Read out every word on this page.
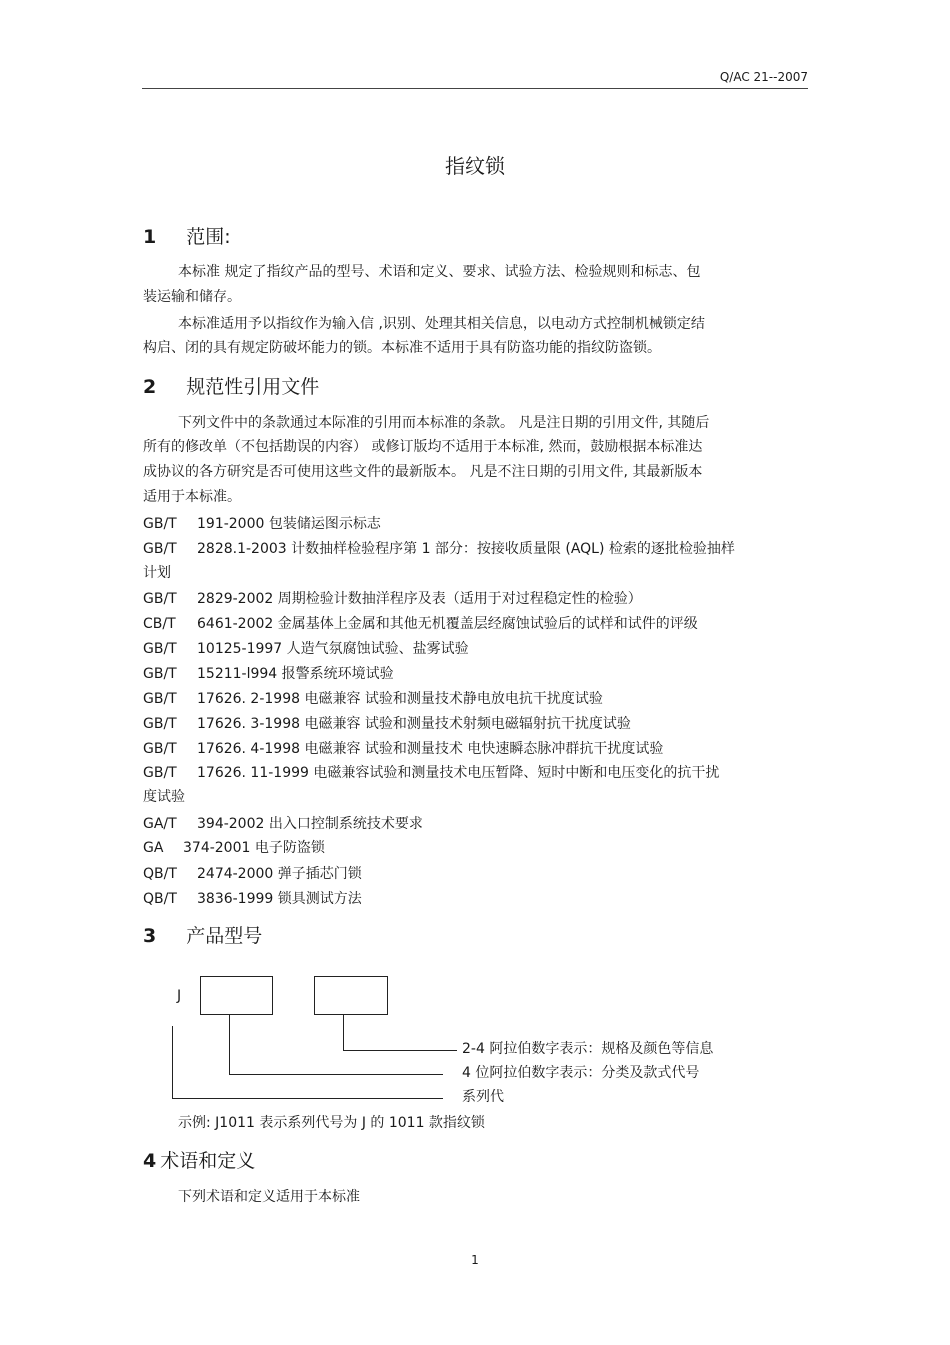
Q/AC 21--2007
指纹锁
1 范围:
本标准 规定了指纹产品的型号、术语和定义、要求、试验方法、检验规则和标志、包
装运输和储存。
本标准适用予以指纹作为输入信 ,识别、处理其相关信息，以电动方式控制机械锁定结
构启、闭的具有规定防破坏能力的锁。本标准不适用于具有防盗功能的指纹防盗锁。
2 规范性引用文件
下列文件中的条款通过本际准的引用而本标准的条款。 凡是注日期的引用文件, 其随后
所有的修改单（不包括勘误的内容） 或修订版均不适用于本标准, 然而，鼓励根据本标准达
成协议的各方研究是否可使用这些文件的最新版本。 凡是不注日期的引用文件, 其最新版本
适用于本标准。
GB/T 191-2000 包装储运图示标志
GB/T 2828.1-2003 计数抽样检验程序第 1 部分：按接收质量限 (AQL) 检索的逐批检验抽样
计划
GB/T 2829-2002 周期检验计数抽洋程序及表（适用于对过程稳定性的检验）
CB/T 6461-2002 金属基体上金属和其他无机覆盖层经腐蚀试验后的试样和试件的评级
GB/T 10125-1997 人造气氛腐蚀试验、盐雾试验
GB/T 15211-l994 报警系统环境试验
GB/T 17626. 2-1998 电磁兼容 试验和测量技术静电放电抗干扰度试验
GB/T 17626. 3-1998 电磁兼容 试验和测量技术射频电磁辐射抗干扰度试验
GB/T 17626. 4-1998 电磁兼容 试验和测量技术 电快速瞬态脉冲群抗干扰度试验
GB/T 17626. 11-1999 电磁兼容试验和测量技术电压暂降、短时中断和电压变化的抗干扰
度试验
GA/T 394-2002 出入口控制系统技术要求
GA 374-2001 电子防盗锁
QB/T 2474-2000 弹子插芯门锁
QB/T 3836-1999 锁具测试方法
3 产品型号
J
2-4 阿拉伯数字表示：规格及颜色等信息
4 位阿拉伯数字表示：分类及款式代号
系列代
示例: J1011 表示系列代号为 J 的 1011 款指纹锁
4 术语和定义
下列术语和定义适用于本标准
1
